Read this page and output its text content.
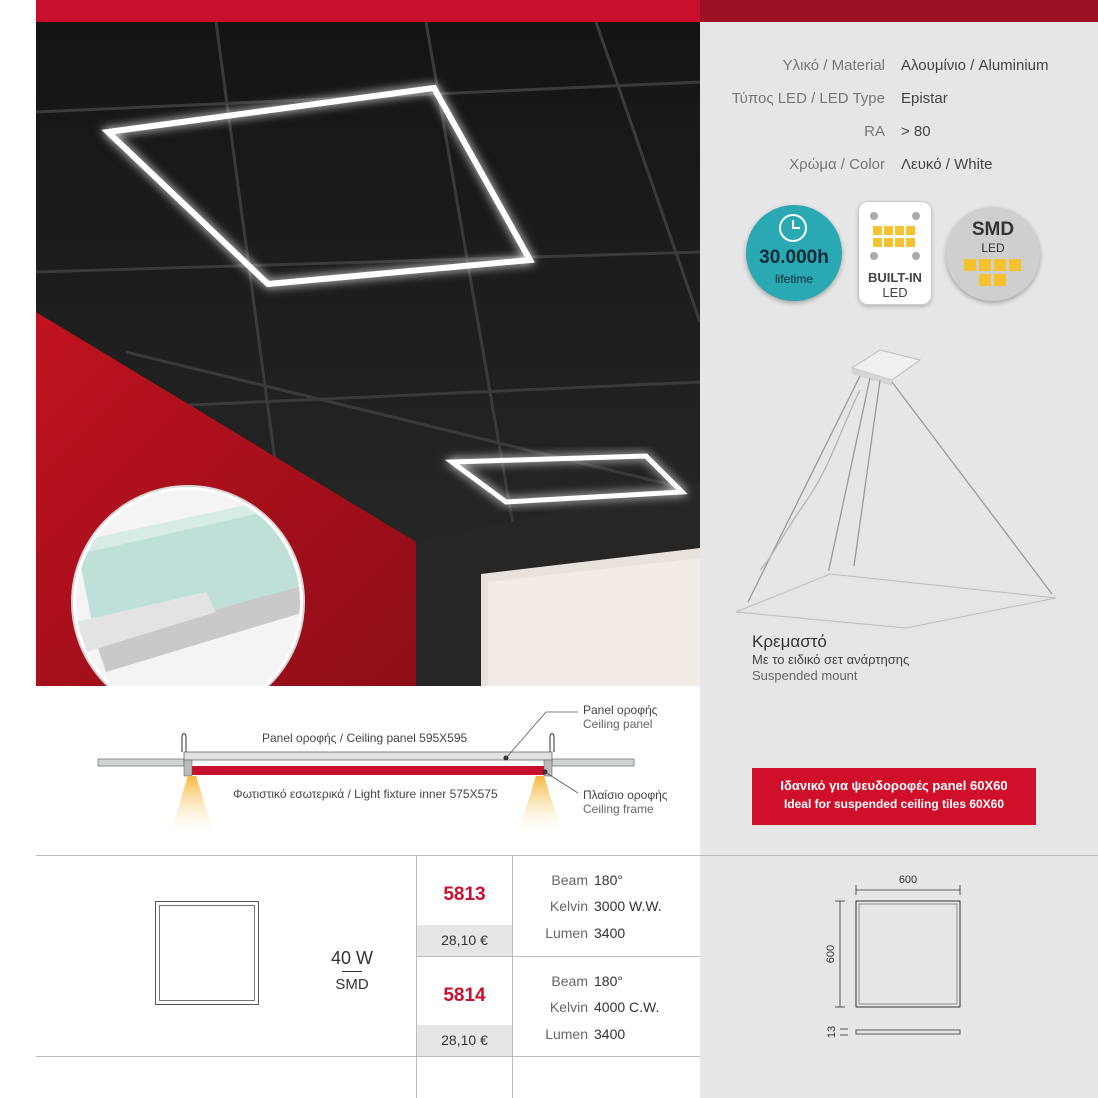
Υλικό / Material Αλουμίνιο / Aluminium
Τύπος LED / LED Type Epistar
RA > 80
Χρώμα / Color Λευκό / White
30.000h
lifetime	BUILT-IN
LED
SMD
LED
Κρεμαστό
Με το ειδικό σετ ανάρτησης
Suspended mount
Ιδανικό για ψευδοροφές panel 60X60
Ideal for suspended ceiling tiles 60X60
Panel οροφής
Ceiling panel
Panel οροφής / Ceiling panel 595X595
Φωτιστικό εσωτερικά / Light fixture inner 575X575	Πλαίσιο οροφής
Ceiling frame
40 W
SMD
5813
28,10 €
Beam 180°
Kelvin 3000 W.W.
Lumen 3400
5814
28,10 €
Beam 180°
Kelvin 4000 C.W.
Lumen 3400
600
600
13
